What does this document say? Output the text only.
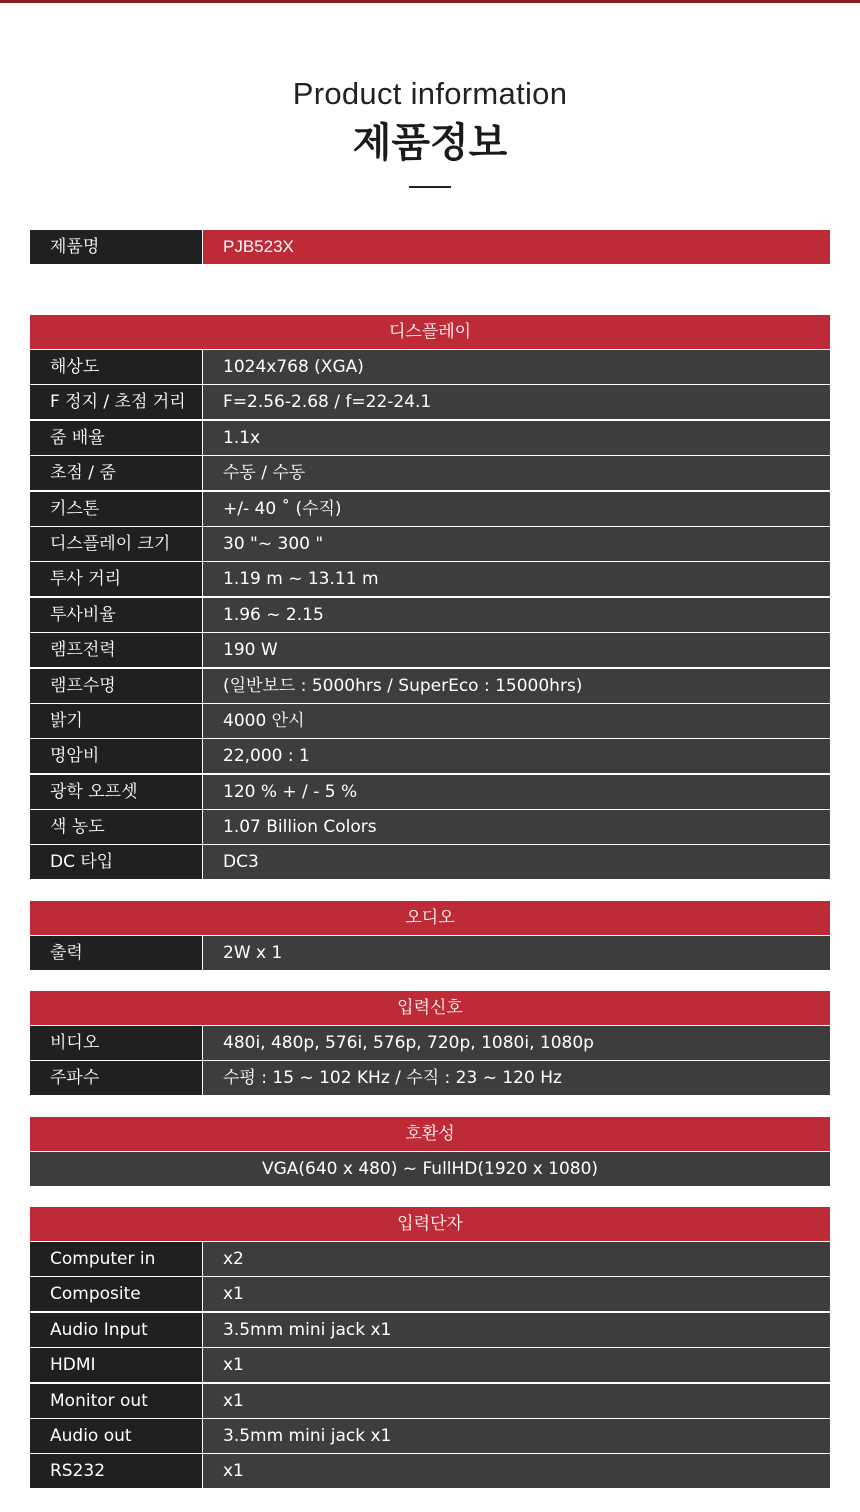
Product information
제품정보
제품명	PJB523X
디스플레이
해상도	1024x768 (XGA)
F 정지 / 초점 거리	F=2.56-2.68 / f=22-24.1
줌 배율	1.1x
초점 / 줌	수동 / 수동
키스톤	+/- 40 ˚ (수직)
디스플레이 크기	30 "~ 300 "
투사 거리	1.19 m ~ 13.11 m
투사비율	1.96 ~ 2.15
램프전력	190 W
램프수명	(일반보드 : 5000hrs / SuperEco : 15000hrs)
밝기	4000 안시
명암비	22,000 : 1
광학 오프셋	120 % + / - 5 %
색 농도	1.07 Billion Colors
DC 타입	DC3
오디오
출력	2W x 1
입력신호
비디오	480i, 480p, 576i, 576p, 720p, 1080i, 1080p
주파수	수평 : 15 ~ 102 KHz / 수직 : 23 ~ 120 Hz
호환성
VGA(640 x 480) ~ FullHD(1920 x 1080)
입력단자
Computer in	x2
Composite	x1
Audio Input	3.5mm mini jack x1
HDMI	x1
Monitor out	x1
Audio out	3.5mm mini jack x1
RS232	x1
